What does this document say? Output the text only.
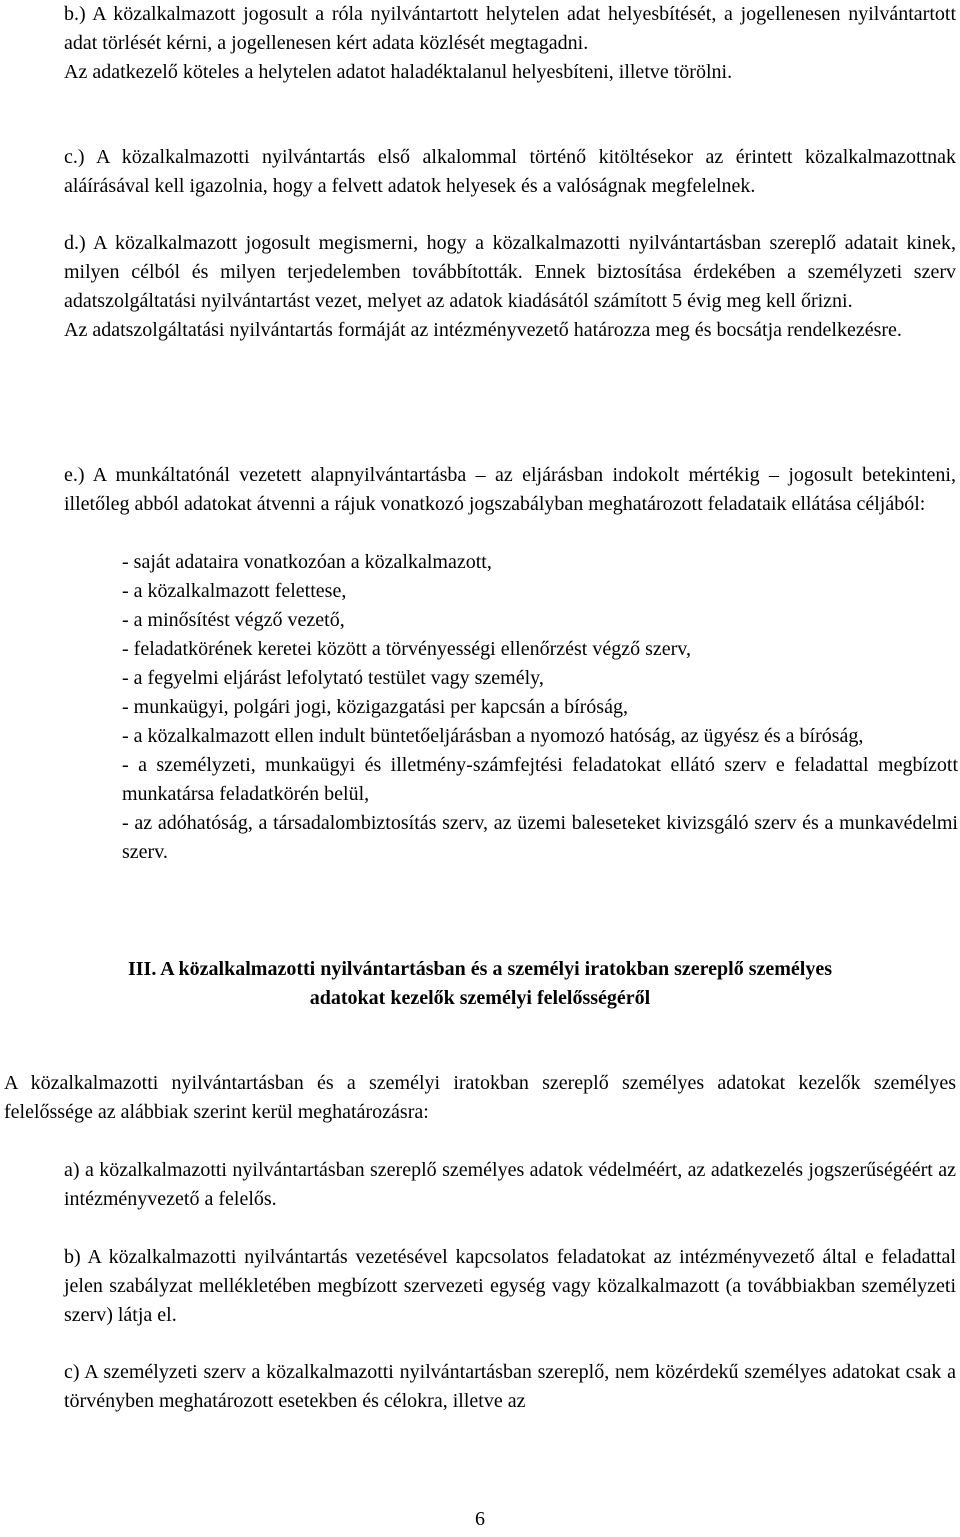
b.) A közalkalmazott jogosult a róla nyilvántartott helytelen adat helyesbítését, a jogellenesen nyilvántartott adat törlését kérni, a jogellenesen kért adata közlését megtagadni.

Az adatkezelő köteles a helytelen adatot haladéktalanul helyesbíteni, illetve törölni.

c.) A közalkalmazotti nyilvántartás első alkalommal történő kitöltésekor az érintett közalkalmazottnak aláírásával kell igazolnia, hogy a felvett adatok helyesek és a valóságnak megfelelnek.

d.) A közalkalmazott jogosult megismerni, hogy a közalkalmazotti nyilvántartásban szereplő adatait kinek, milyen célból és milyen terjedelemben továbbították. Ennek biztosítása érdekében a személyzeti szerv adatszolgáltatási nyilvántartást vezet, melyet az adatok kiadásától számított 5 évig meg kell őrizni.

Az adatszolgáltatási nyilvántartás formáját az intézményvezető határozza meg és bocsátja rendelkezésre.

e.) A munkáltatónál vezetett alapnyilvántartásba – az eljárásban indokolt mértékig – jogosult betekinteni, illetőleg abból adatokat átvenni a rájuk vonatkozó jogszabályban meghatározott feladataik ellátása céljából:

- saját adataira vonatkozóan a közalkalmazott,
- a közalkalmazott felettese,
- a minősítést végző vezető,
- feladatkörének keretei között a törvényességi ellenőrzést végző szerv,
- a fegyelmi eljárást lefolytató testület vagy személy,
- munkaügyi, polgári jogi, közigazgatási per kapcsán a bíróság,
- a közalkalmazott ellen indult büntetőeljárásban a nyomozó hatóság, az ügyész és a bíróság,
- a személyzeti, munkaügyi és illetmény-számfejtési feladatokat ellátó szerv e feladattal megbízott munkatársa feladatkörén belül,
- az adóhatóság, a társadalombiztosítás szerv, az üzemi baleseteket kivizsgáló szerv és a munkavédelmi szerv.
III. A közalkalmazotti nyilvántartásban és a személyi iratokban szereplő személyes
adatokat kezelők személyi felelősségéről

A közalkalmazotti nyilvántartásban és a személyi iratokban szereplő személyes adatokat kezelők személyes felelőssége az alábbiak szerint kerül meghatározásra:

a) a közalkalmazotti nyilvántartásban szereplő személyes adatok védelméért, az adatkezelés jogszerűségéért az intézményvezető a felelős.

b) A közalkalmazotti nyilvántartás vezetésével kapcsolatos feladatokat az intézményvezető által e feladattal jelen szabályzat mellékletében megbízott szervezeti egység vagy közalkalmazott (a továbbiakban személyzeti szerv) látja el.

c) A személyzeti szerv a közalkalmazotti nyilvántartásban szereplő, nem közérdekű személyes adatokat csak a törvényben meghatározott esetekben és célokra, illetve az

6
